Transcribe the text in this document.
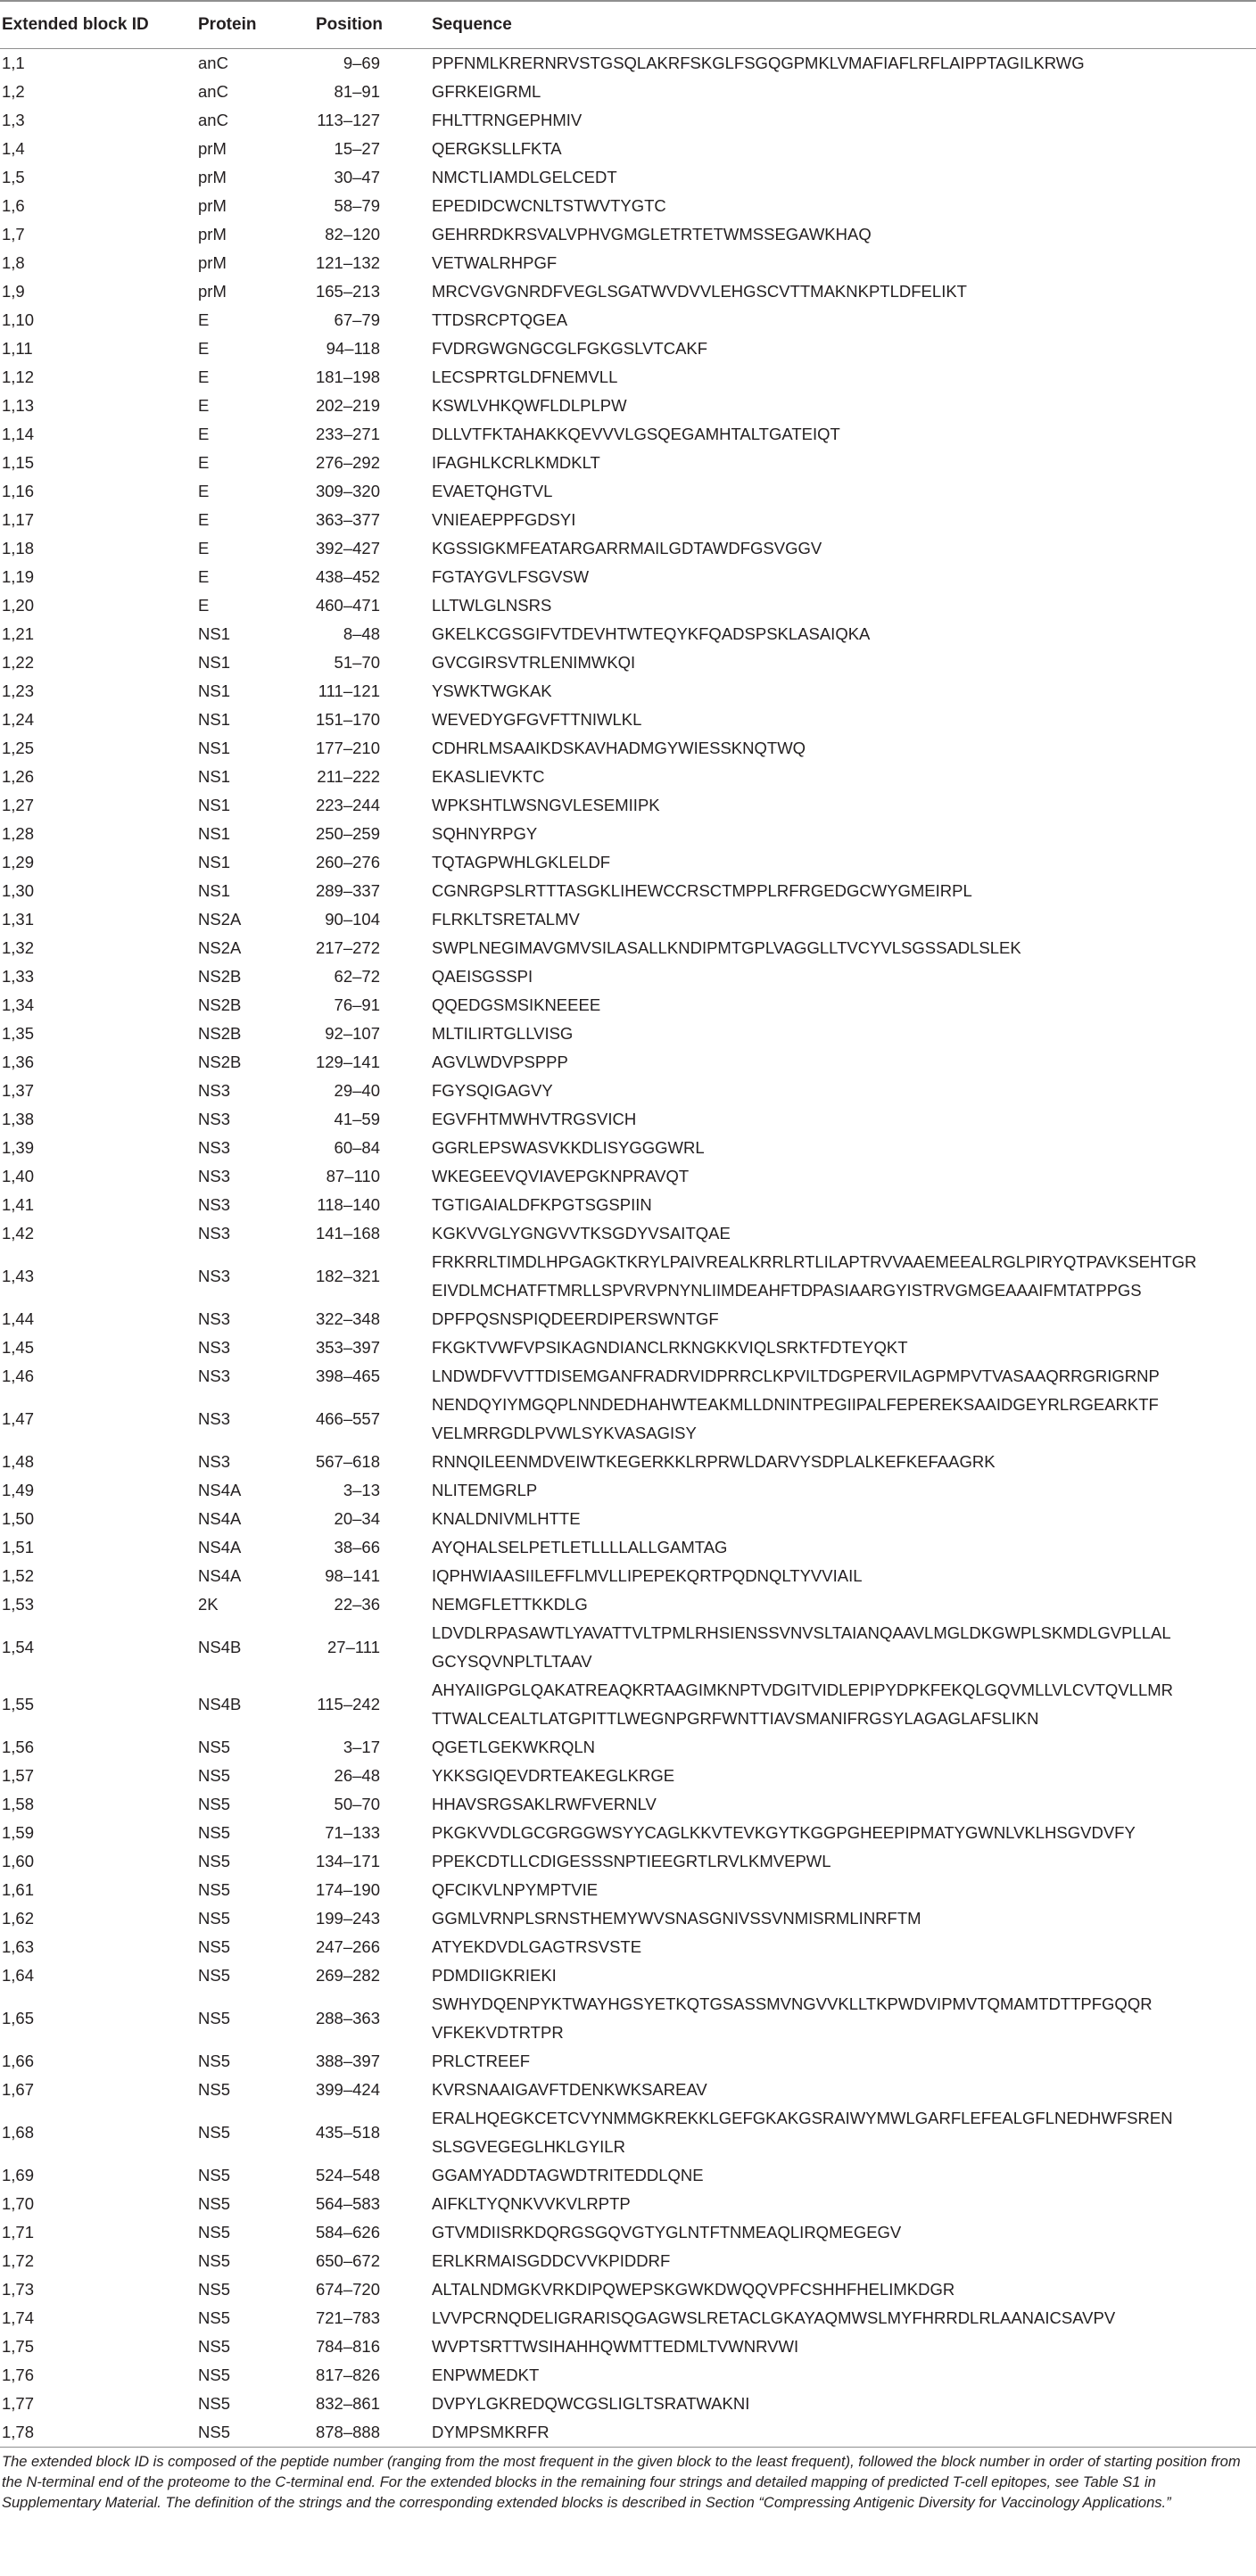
Extended block ID	Protein	Position	Sequence
1,1	anC	9–69	PPFNMLKRERNRVSTGSQLAKRFSKGLFSGQGPMKLVMAFIAFLRFLAIPPTAGILKRWG
1,2	anC	81–91	GFRKEIGRML
1,3	anC	113–127	FHLTTRNGEPHMIV
1,4	prM	15–27	QERGKSLLFKTA
1,5	prM	30–47	NMCTLIAMDLGELCEDT
1,6	prM	58–79	EPEDIDCWCNLTSTWVTYGTC
1,7	prM	82–120	GEHRRDKRSVALVPHVGMGLETRTETWMSSEGAWKHAQ
1,8	prM	121–132	VETWALRHPGF
1,9	prM	165–213	MRCVGVGNRDFVEGLSGATWVDVVLEHGSCVTTMAKNKPTLDFELIKT
1,10	E	67–79	TTDSRCPTQGEA
1,11	E	94–118	FVDRGWGNGCGLFGKGSLVTCAKF
1,12	E	181–198	LECSPRTGLDFNEMVLL
1,13	E	202–219	KSWLVHKQWFLDLPLPW
1,14	E	233–271	DLLVTFKTAHAKKQEVVVLGSQEGAMHTALTGATEIQT
1,15	E	276–292	IFAGHLKCRLKMDKLT
1,16	E	309–320	EVAETQHGTVL
1,17	E	363–377	VNIEAEPPFGDSYI
1,18	E	392–427	KGSSIGKMFEATARGARRMAILGDTAWDFGSVGGV
1,19	E	438–452	FGTAYGVLFSGVSW
1,20	E	460–471	LLTWLGLNSRS
1,21	NS1	8–48	GKELKCGSGIFVTDEVHTWTEQYKFQADSPSKLASAIQKA
1,22	NS1	51–70	GVCGIRSVTRLENIMWKQI
1,23	NS1	111–121	YSWKTWGKAK
1,24	NS1	151–170	WEVEDYGFGVFTTNIWLKL
1,25	NS1	177–210	CDHRLMSAAIKDSKAVHADMGYWIESSKNQTWQ
1,26	NS1	211–222	EKASLIEVKTC
1,27	NS1	223–244	WPKSHTLWSNGVLESEMIIPK
1,28	NS1	250–259	SQHNYRPGY
1,29	NS1	260–276	TQTAGPWHLGKLELDF
1,30	NS1	289–337	CGNRGPSLRTTTASGKLIHEWCCRSCTMPPLRFRGEDGCWYGMEIRPL
1,31	NS2A	90–104	FLRKLTSRETALMV
1,32	NS2A	217–272	SWPLNEGIMAVGMVSILASALLKNDIPMTGPLVAGGLLTVCYVLSGSSADLSLEK
1,33	NS2B	62–72	QAEISGSSPI
1,34	NS2B	76–91	QQEDGSMSIKNEEEE
1,35	NS2B	92–107	MLTILIRTGLLVISG
1,36	NS2B	129–141	AGVLWDVPSPPP
1,37	NS3	29–40	FGYSQIGAGVY
1,38	NS3	41–59	EGVFHTMWHVTRGSVICH
1,39	NS3	60–84	GGRLEPSWASVKKDLISYGGGWRL
1,40	NS3	87–110	WKEGEEVQVIAVEPGKNPRAVQT
1,41	NS3	118–140	TGTIGAIALDFKPGTSGSPIIN
1,42	NS3	141–168	KGKVVGLYGNGVVTKSGDYVSAITQAE
1,43	NS3	182–321	FRKRRLTIMDLHPGAGKTKRYLPAIVREALKRRLRTLILAPTRVVAAEMEEALRGLPIRYQTPAVKSEHTGR EIVDLMCHATFTMRLLSPVRVPNYNLIIMDEAHFTDPASIAARGYISTRVGMGEAAAIFMTATPPGS
1,44	NS3	322–348	DPFPQSNSPIQDEERDIPERSWNTGF
1,45	NS3	353–397	FKGKTVWFVPSIKAGNDIANCLRKNGKKVIQLSRKTFDTEYQKT
1,46	NS3	398–465	LNDWDFVVTTDISEMGANFRADRVIDPRRCLKPVILTDGPERVILAGPMPVTVASAAQRRGRIGRNP
1,47	NS3	466–557	NENDQYIYMGQPLNNDEDHAHWTEAKMLLDNINTPEGIIPALFEPEREKSAAIDGEYRLRGEARKTF VELMRRGDLPVWLSYKVASAGISY
1,48	NS3	567–618	RNNQILEENMDVEIWTKEGERKKLRPRWLDARVYSDPLALKEFKEFAAGRK
1,49	NS4A	3–13	NLITEMGRLP
1,50	NS4A	20–34	KNALDNIVMLHTTE
1,51	NS4A	38–66	AYQHALSELPETLETLLLLALLGAMTAG
1,52	NS4A	98–141	IQPHWIAASIILEFFLMVLLIPEPEKQRTPQDNQLTYVVIAIL
1,53	2K	22–36	NEMGFLETTKKDLG
1,54	NS4B	27–111	LDVDLRPASAWTLYAVATTVLTPMLRHSIENSSVNVSLTAIANQAAVLMGLDKGWPLSKMDLGVPLLAL GCYSQVNPLTLTAAV
1,55	NS4B	115–242	AHYAIIGPGLQAKATREAQKRTAAGIMKNPTVDGITVIDLEPIPYDPKFEKQLGQVMLLVLCVTQVLLMR TTWALCEALTLATGPITTLWEGNPGRFWNTTIAVSMANIFRGSYLAGAGLAFSLIKN
1,56	NS5	3–17	QGETLGEKWKRQLN
1,57	NS5	26–48	YKKSGIQEVDRTEAKEGLKRGE
1,58	NS5	50–70	HHAVSRGSAKLRWFVERNLV
1,59	NS5	71–133	PKGKVVDLGCGRGGWSYYCAGLKKVTEVKGYTKGGPGHEEPIPMATYGWNLVKLHSGVDVFY
1,60	NS5	134–171	PPEKCDTLLCDIGESSSNPTIEEGRTLRVLKMVEPWL
1,61	NS5	174–190	QFCIKVLNPYMPTVIE
1,62	NS5	199–243	GGMLVRNPLSRNSTHEMYWVSNASGNIVSSVNMISRMLINRFTM
1,63	NS5	247–266	ATYEKDVDLGAGTRSVSTE
1,64	NS5	269–282	PDMDIIGKRIEKI
1,65	NS5	288–363	SWHYDQENPYKTWAYHGSYETKQTGSASSMVNGVVKLLTKPWDVIPMVTQMAMTDTTPFGQQR VFKEKVDTRTPR
1,66	NS5	388–397	PRLCTREEF
1,67	NS5	399–424	KVRSNAAIGAVFTDENKWKSAREAV
1,68	NS5	435–518	ERALHQEGKCETCVYNMMGKREKKLGEFGKAKGSRAIWYMWLGARFLEFEALGFLNEDHWFSREN SLSGVEGEGLHKLGYILR
1,69	NS5	524–548	GGAMYADDTAGWDTRITEDDLQNE
1,70	NS5	564–583	AIFKLTYQNKVVKVLRPTP
1,71	NS5	584–626	GTVMDIISRKDQRGSGQVGTYGLNTFTNMEAQLIRQMEGEGV
1,72	NS5	650–672	ERLKRMAISGDDCVVKPIDDRF
1,73	NS5	674–720	ALTALNDMGKVRKDIPQWEPSKGWKDWQQVPFCSHHFHELIMKDGR
1,74	NS5	721–783	LVVPCRNQDELIGRARISQGAGWSLRETACLGKAYAQMWSLMYFHRRDLRLAANAICSAVPV
1,75	NS5	784–816	WVPTSRTTWSIHAHHQWMTTEDMLTVWNRVWI
1,76	NS5	817–826	ENPWMEDKT
1,77	NS5	832–861	DVPYLGKREDQWCGSLIGLTSRATWAKNI
1,78	NS5	878–888	DYMPSMKRFR

The extended block ID is composed of the peptide number (ranging from the most frequent in the given block to the least frequent), followed the block number in order of starting position from the N-terminal end of the proteome to the C-terminal end. For the extended blocks in the remaining four strings and detailed mapping of predicted T-cell epitopes, see Table S1 in Supplementary Material. The definition of the strings and the corresponding extended blocks is described in Section “Compressing Antigenic Diversity for Vaccinology Applications.”
